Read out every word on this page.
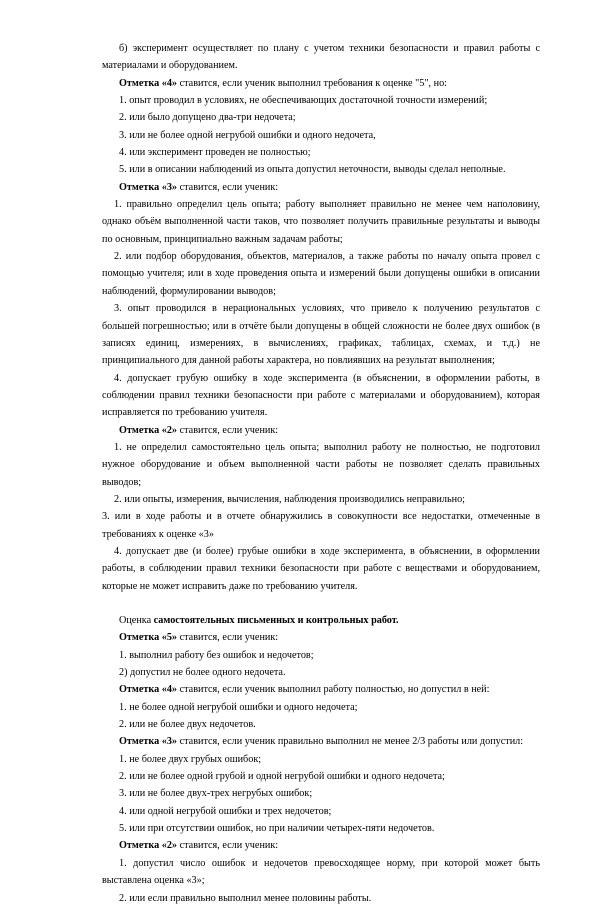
б) эксперимент осуществляет по плану с учетом техники безопасности и правил работы с материалами и оборудованием.

Отметка «4» ставится, если ученик выполнил требования к оценке "5", но:

1. опыт проводил в условиях, не обеспечивающих достаточной точности измерений;

2. или было допущено два-три недочета;

3. или не более одной негрубой ошибки и одного недочета,

4. или эксперимент проведен не полностью;

5. или в описании наблюдений из опыта допустил неточности, выводы сделал неполные.

Отметка «3» ставится, если ученик:

1. правильно определил цель опыта; работу выполняет правильно не менее чем наполовину, однако объём выполненной части таков, что позволяет получить правильные результаты и выводы по основным, принципиально важным задачам работы;

2. или подбор оборудования, объектов, материалов, а также работы по началу опыта провел с помощью учителя; или в ходе проведения опыта и измерений были допущены ошибки в описании наблюдений, формулировании выводов;

3. опыт проводился в нерациональных условиях, что привело к получению результатов с большей погрешностью; или в отчёте были допущены в общей сложности не более двух ошибок (в записях единиц, измерениях, в вычислениях, графиках, таблицах, схемах, и т.д.) не принципиального для данной работы характера, но повлиявших на результат выполнения;

4. допускает грубую ошибку в ходе эксперимента (в объяснении, в оформлении работы, в соблюдении правил техники безопасности при работе с материалами и оборудованием), которая исправляется по требованию учителя.

Отметка «2» ставится, если ученик:

1. не определил самостоятельно цель опыта; выполнил работу не полностью, не подготовил нужное оборудование и объем выполненной части работы не позволяет сделать правильных выводов;

2. или опыты, измерения, вычисления, наблюдения производились неправильно;

3. или в ходе работы и в отчете обнаружились в совокупности все недостатки, отмеченные в требованиях к оценке «3»

4. допускает две (и более) грубые ошибки в ходе эксперимента, в объяснении, в оформлении работы, в соблюдении правил техники безопасности при работе с веществами и оборудованием, которые не может исправить даже по требованию учителя.

Оценка самостоятельных письменных и контрольных работ.

Отметка «5» ставится, если ученик:

1. выполнил работу без ошибок и недочетов;

2) допустил не более одного недочета.

Отметка «4» ставится, если ученик выполнил работу полностью, но допустил в ней:

1. не более одной негрубой ошибки и одного недочета;

2. или не более двух недочетов.

Отметка «3» ставится, если ученик правильно выполнил не менее 2/3 работы или допустил:

1. не более двух грубых ошибок;

2. или не более одной грубой и одной негрубой ошибки и одного недочета;

3. или не более двух-трех негрубых ошибок;

4. или одной негрубой ошибки и трех недочетов;

5. или при отсутствии ошибок, но при наличии четырех-пяти недочетов.

Отметка «2» ставится, если ученик:

1. допустил число ошибок и недочетов превосходящее норму, при которой может быть выставлена оценка «3»;

2. или если правильно выполнил менее половины работы.
